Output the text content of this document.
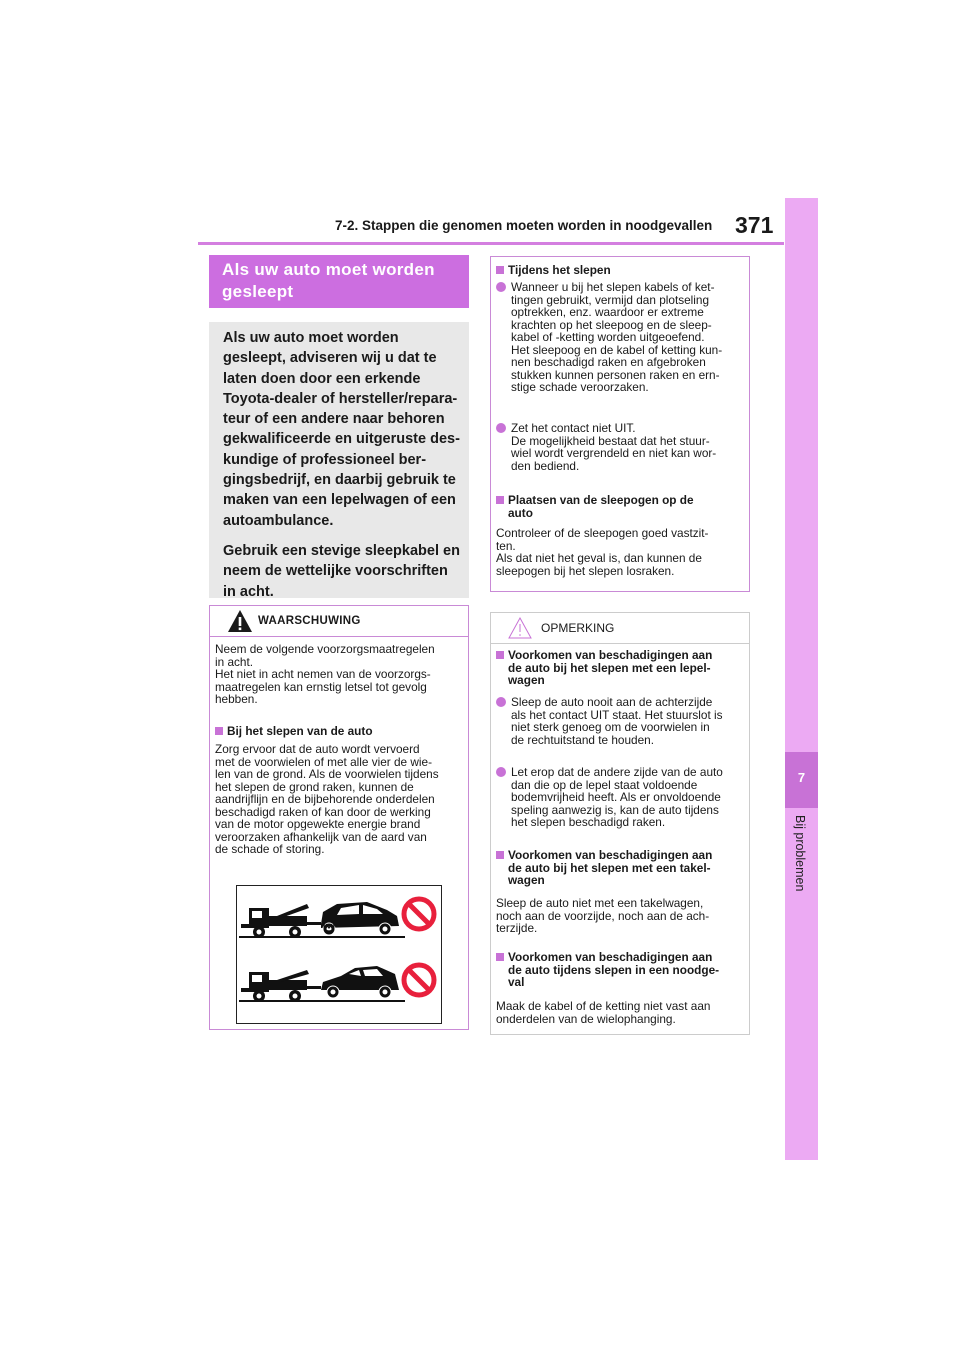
7-2. Stappen die genomen moeten worden in noodgevallen 371
7
Bij problemen
Als uw auto moet worden
gesleept

Als uw auto moet worden
gesleept, adviseren wij u dat te
laten doen door een erkende
Toyota-dealer of hersteller/repara-
teur of een andere naar behoren
gekwalificeerde en uitgeruste des-
kundige of professioneel ber-
gingsbedrijf, en daarbij gebruik te
maken van een lepelwagen of een
autoambulance.

Gebruik een stevige sleepkabel en
neem de wettelijke voorschriften
in acht.

WAARSCHUWING
Neem de volgende voorzorgsmaatregelen
in acht.
Het niet in acht nemen van de voorzorgs-
maatregelen kan ernstig letsel tot gevolg
hebben.
Bij het slepen van de auto
Zorg ervoor dat de auto wordt vervoerd
met de voorwielen of met alle vier de wie-
len van de grond. Als de voorwielen tijdens
het slepen de grond raken, kunnen de
aandrijflijn en de bijbehorende onderdelen
beschadigd raken of kan door de werking
van de motor opgewekte energie brand
veroorzaken afhankelijk van de aard van
de schade of storing.
Tijdens het slepen
Wanneer u bij het slepen kabels of ket-
tingen gebruikt, vermijd dan plotseling
optrekken, enz. waardoor er extreme
krachten op het sleepoog en de sleep-
kabel of -ketting worden uitgeoefend.
Het sleepoog en de kabel of ketting kun-
nen beschadigd raken en afgebroken
stukken kunnen personen raken en ern-
stige schade veroorzaken.
Zet het contact niet UIT.
De mogelijkheid bestaat dat het stuur-
wiel wordt vergrendeld en niet kan wor-
den bediend.
Plaatsen van de sleepogen op de
auto
Controleer of de sleepogen goed vastzit-
ten.
Als dat niet het geval is, dan kunnen de
sleepogen bij het slepen losraken.
OPMERKING
Voorkomen van beschadigingen aan
de auto bij het slepen met een lepel-
wagen
Sleep de auto nooit aan de achterzijde
als het contact UIT staat. Het stuurslot is
niet sterk genoeg om de voorwielen in
de rechtuitstand te houden.
Let erop dat de andere zijde van de auto
dan die op de lepel staat voldoende
bodemvrijheid heeft. Als er onvoldoende
speling aanwezig is, kan de auto tijdens
het slepen beschadigd raken.
Voorkomen van beschadigingen aan
de auto bij het slepen met een takel-
wagen
Sleep de auto niet met een takelwagen,
noch aan de voorzijde, noch aan de ach-
terzijde.
Voorkomen van beschadigingen aan
de auto tijdens slepen in een noodge-
val
Maak de kabel of de ketting niet vast aan
onderdelen van de wielophanging.
